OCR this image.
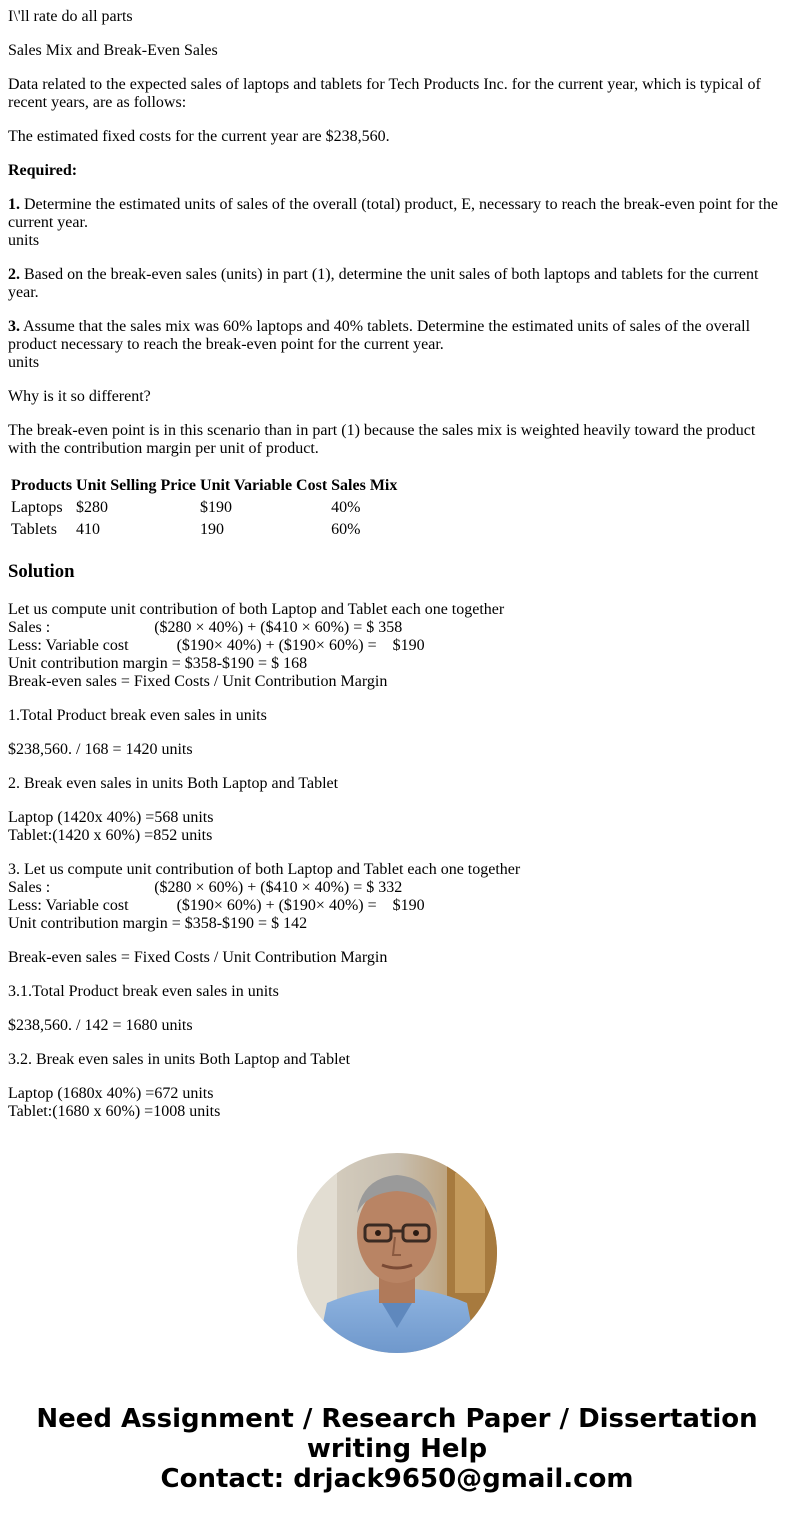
I\'ll rate do all parts

Sales Mix and Break-Even Sales

Data related to the expected sales of laptops and tablets for Tech Products Inc. for the current year, which is typical of recent years, are as follows:

The estimated fixed costs for the current year are $238,560.

Required:

1. Determine the estimated units of sales of the overall (total) product, E, necessary to reach the break-even point for the current year.
units

2. Based on the break-even sales (units) in part (1), determine the unit sales of both laptops and tablets for the current year.

3. Assume that the sales mix was 60% laptops and 40% tablets. Determine the estimated units of sales of the overall product necessary to reach the break-even point for the current year.
units

Why is it so different?

The break-even point is in this scenario than in part (1) because the sales mix is weighted heavily toward the product with the contribution margin per unit of product.

Products	Unit Selling Price	Unit Variable Cost	Sales Mix
Laptops	$280	$190	40%
Tablets	410	190	60%
Solution
Let us compute unit contribution of both Laptop and Tablet each one together
Sales :                          ($280 × 40%) + ($410 × 60%) = $ 358
Less: Variable cost            ($190× 40%) + ($190× 60%) =    $190
Unit contribution margin = $358-$190 = $ 168
Break-even sales = Fixed Costs / Unit Contribution Margin

1.Total Product break even sales in units

$238,560. / 168 = 1420 units

2. Break even sales in units Both Laptop and Tablet

Laptop (1420x 40%) =568 units
Tablet:(1420 x 60%) =852 units
3. Let us compute unit contribution of both Laptop and Tablet each one together
Sales :                          ($280 × 60%) + ($410 × 40%) = $ 332
Less: Variable cost            ($190× 60%) + ($190× 40%) =    $190
Unit contribution margin = $358-$190 = $ 142

Break-even sales = Fixed Costs / Unit Contribution Margin

3.1.Total Product break even sales in units

$238,560. / 142 = 1680 units

3.2. Break even sales in units Both Laptop and Tablet

Laptop (1680x 40%) =672 units
Tablet:(1680 x 60%) =1008 units
Need Assignment / Research Paper / Dissertation
writing Help
Contact: drjack9650@gmail.com
